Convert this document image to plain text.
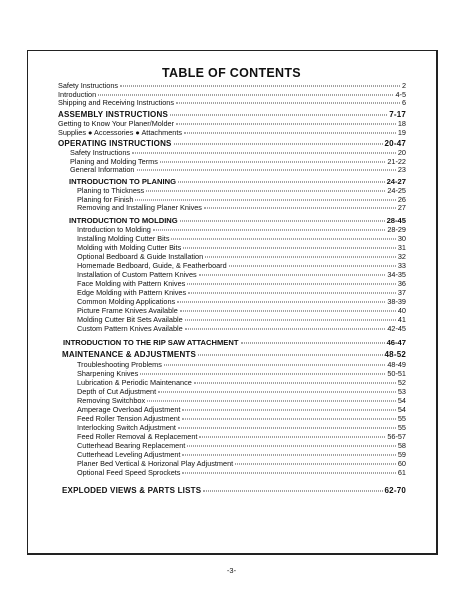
TABLE OF CONTENTS
Safety Instructions	2
Introduction	4-5
Shipping and Receiving Instructions	6
ASSEMBLY INSTRUCTIONS	7-17
Getting to Know Your Planer/Molder	18
Supplies ● Accessories ● Attachments	19
OPERATING INSTRUCTIONS	20-47
Safety Instructions	20
Planing and Molding Terms	21-22
General Information	23
INTRODUCTION TO PLANING	24-27
Planing to Thickness	24-25
Planing for Finish	26
Removing and Installing Planer Knives	27
INTRODUCTION TO MOLDING	28-45
Introduction to Molding	28-29
Installing Molding Cutter Bits	30
Molding with Molding Cutter Bits	31
Optional Bedboard & Guide Installation	32
Homemade Bedboard, Guide, & Featherboard	33
Installation of Custom Pattern Knives	34-35
Face Molding with Pattern Knives	36
Edge Molding with Pattern Knives	37
Common Molding Applications	38-39
Picture Frame Knives Available	40
Molding Cutter Bit Sets Available	41
Custom Pattern Knives Available	42-45
INTRODUCTION TO THE RIP SAW ATTACHMENT	46-47
MAINTENANCE & ADJUSTMENTS	48-52
Troubleshooting Problems	48-49
Sharpening Knives	50-51
Lubrication & Periodic Maintenance	52
Depth of Cut Adjustment	53
Removing Switchbox	54
Amperage Overload Adjustment	54
Feed Roller Tension Adjustment	55
Interlocking Switch Adjustment	55
Feed Roller Removal & Replacement	56-57
Cutterhead Bearing Replacement	58
Cutterhead Leveling Adjustment	59
Planer Bed Vertical & Horizonal Play Adjustment	60
Optional Feed Speed Sprockets	61
EXPLODED VIEWS & PARTS LISTS	62-70
-3-
